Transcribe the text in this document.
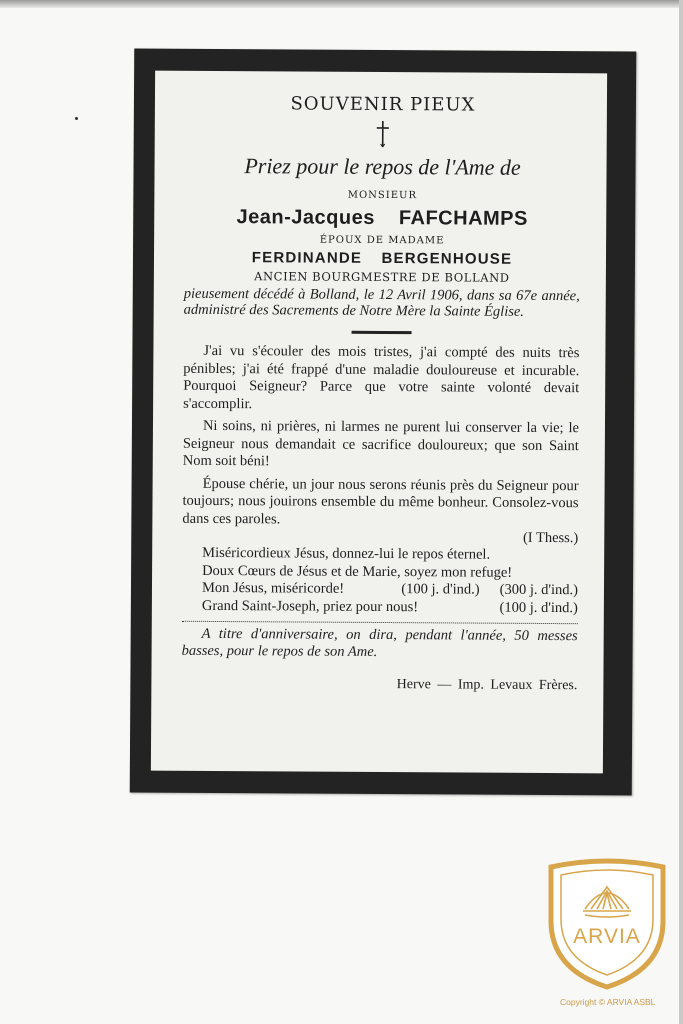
SOUVENIR PIEUX
Priez pour le repos de l'Ame de
MONSIEUR
Jean-Jacques FAFCHAMPS
ÉPOUX DE MADAME
FERDINANDE BERGENHOUSE
ANCIEN BOURGMESTRE DE BOLLAND
pieusement décédé à Bolland, le 12 Avril 1906, dans sa 67e année, administré des Sacrements de Notre Mère la Sainte Église.

J'ai vu s'écouler des mois tristes, j'ai compté des nuits très pénibles; j'ai été frappé d'une maladie douloureuse et incurable. Pourquoi Seigneur? Parce que votre sainte volonté devait s'accomplir.

Ni soins, ni prières, ni larmes ne purent lui conserver la vie; le Seigneur nous demandait ce sacrifice douloureux; que son Saint Nom soit béni!

Épouse chérie, un jour nous serons réunis près du Seigneur pour toujours; nous jouirons ensemble du même bonheur. Consolez-vous dans ces paroles.

(I Thess.)
Miséricordieux Jésus, donnez-lui le repos éternel.
Doux Cœurs de Jésus et de Marie, soyez mon refuge!
(300 j. d'ind.)
Mon Jésus, miséricorde!	(100 j. d'ind.)
Grand Saint-Joseph, priez pour nous!	(100 j. d'ind.)
A titre d'anniversaire, on dira, pendant l'année, 50 messes basses, pour le repos de son Ame.
Herve — Imp. Levaux Frères.
ARVIA
Copyright © ARVIA ASBL
